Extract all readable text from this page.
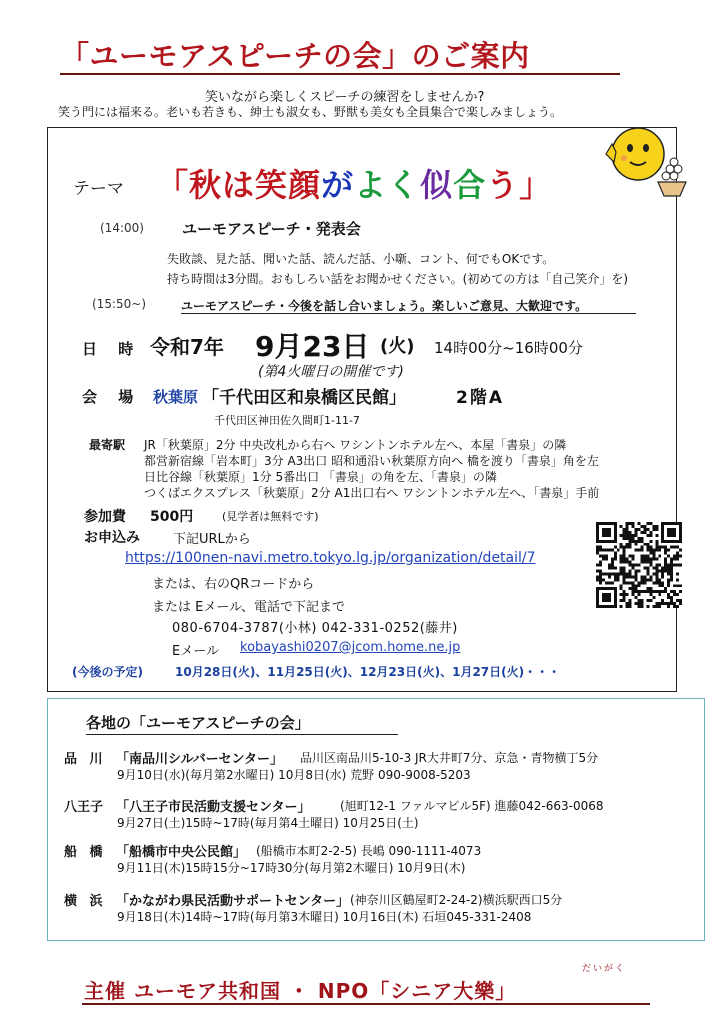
「ユーモアスピーチの会」のご案内
笑いながら楽しくスピーチの練習をしませんか?
笑う門には福来る。老いも若きも、紳士も淑女も、野獣も美女も全員集合で楽しみましょう。
テーマ 「秋は笑顔がよく似合う」
(14:00)	ユーモアスピーチ・発表会
失敗談、見た話、聞いた話、読んだ話、小噺、コント、何でもOKです。
持ち時間は3分間。おもしろい話をお聞かせください。(初めての方は「自己笑介」を)
(15:50~)	ユーモアスピーチ・今後を話し合いましょう。楽しいご意見、大歓迎です。
日 時 令和7年 9月23日 (火) 14時00分~16時00分
(第4火曜日の開催です)
会 場 秋葉原 「千代田区和泉橋区民館」	2階A
千代田区神田佐久間町1-11-7
最寄駅 JR「秋葉原」2分 中央改札から右へ ワシントンホテル左へ、本屋「書泉」の隣
都営新宿線「岩本町」3分 A3出口 昭和通沿い秋葉原方向へ 橋を渡り「書泉」角を左
日比谷線「秋葉原」1分 5番出口 「書泉」の角を左、「書泉」の隣
つくばエクスプレス「秋葉原」2分 A1出口右へ ワシントンホテル左へ、「書泉」手前
参加費 500円	(見学者は無料です)
お申込み	下記URLから
https://100nen-navi.metro.tokyo.lg.jp/organization/detail/7
または、右のQRコードから
または Eメール、電話で下記まで
080-6704-3787(小林) 042-331-0252(藤井)
Eメール kobayashi0207@jcom.home.ne.jp
(今後の予定)	10月28日(火)、11月25日(火)、12月23日(火)、1月27日(火)・・・
各地の「ユーモアスピーチの会」
品 川 「南品川シルバーセンター」 品川区南品川5-10-3 JR大井町7分、京急・青物横丁5分
9月10日(水)(毎月第2水曜日) 10月8日(水) 荒野 090-9008-5203
八王子 「八王子市民活動支援センター」 (旭町12-1 ファルマビル5F) 進藤042-663-0068
9月27日(土)15時~17時(毎月第4土曜日) 10月25日(土)
船 橋 「船橋市中央公民館」 (船橋市本町2-2-5) 長嶋 090-1111-4073
9月11日(木)15時15分~17時30分(毎月第2木曜日) 10月9日(木)
横 浜 「かながわ県民活動サポートセンター」 (神奈川区鶴屋町2-24-2)横浜駅西口5分
9月18日(木)14時~17時(毎月第3木曜日) 10月16日(木) 石垣045-331-2408
だいがく
主催 ユーモア共和国 ・ NPO「シニア大樂」
